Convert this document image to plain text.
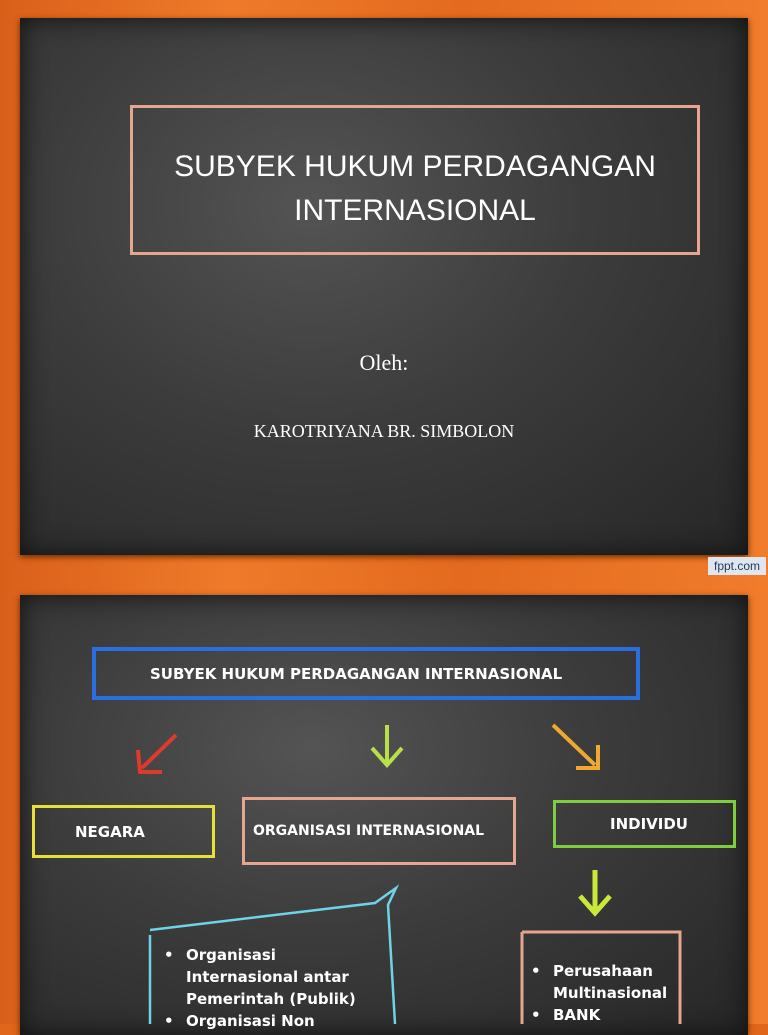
SUBYEK HUKUM PERDAGANGAN INTERNASIONAL
Oleh:
KAROTRIYANA BR. SIMBOLON
fppt.com
SUBYEK HUKUM PERDAGANGAN INTERNASIONAL
NEGARA	ORGANISASI INTERNASIONAL	INDIVIDU
• Organisasi Internasional antar Pemerintah (Publik)
• Organisasi Non
• Perusahaan Multinasional
• BANK
